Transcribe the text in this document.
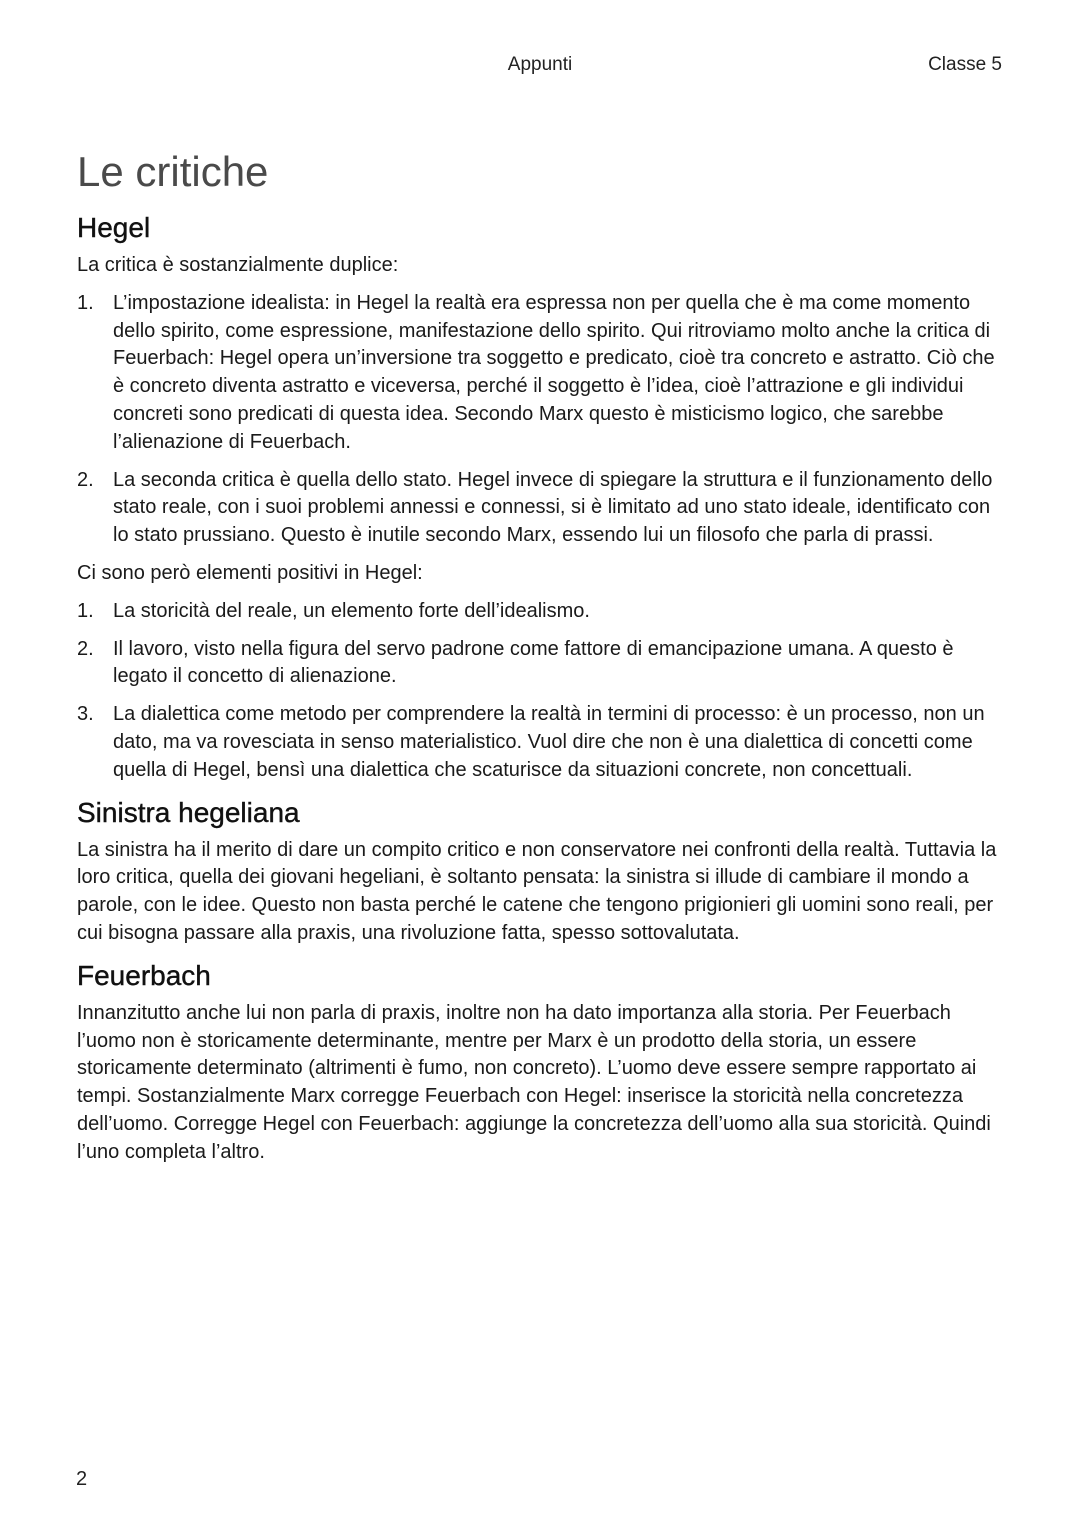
Appunti	Classe 5
Le critiche
Hegel

La critica è sostanzialmente duplice:

1. L’impostazione idealista: in Hegel la realtà era espressa non per quella che è ma come momento dello spirito, come espressione, manifestazione dello spirito. Qui ritroviamo molto anche la critica di Feuerbach: Hegel opera un’inversione tra soggetto e predicato, cioè tra concreto e astratto. Ciò che è concreto diventa astratto e viceversa, perché il soggetto è l’idea, cioè l’attrazione e gli individui concreti sono predicati di questa idea. Secondo Marx questo è misticismo logico, che sarebbe l’alienazione di Feuerbach.
2. La seconda critica è quella dello stato. Hegel invece di spiegare la struttura e il funzionamento dello stato reale, con i suoi problemi annessi e connessi, si è limitato ad uno stato ideale, identificato con lo stato prussiano. Questo è inutile secondo Marx, essendo lui un filosofo che parla di prassi.

Ci sono però elementi positivi in Hegel:

1. La storicità del reale, un elemento forte dell’idealismo.
2. Il lavoro, visto nella figura del servo padrone come fattore di emancipazione umana. A questo è legato il concetto di alienazione.
3. La dialettica come metodo per comprendere la realtà in termini di processo: è un processo, non un dato, ma va rovesciata in senso materialistico. Vuol dire che non è una dialettica di concetti come quella di Hegel, bensì una dialettica che scaturisce da situazioni concrete, non concettuali.
Sinistra hegeliana

La sinistra ha il merito di dare un compito critico e non conservatore nei confronti della realtà. Tuttavia la loro critica, quella dei giovani hegeliani, è soltanto pensata: la sinistra si illude di cambiare il mondo a parole, con le idee. Questo non basta perché le catene che tengono prigionieri gli uomini sono reali, per cui bisogna passare alla praxis, una rivoluzione fatta, spesso sottovalutata.

Feuerbach

Innanzitutto anche lui non parla di praxis, inoltre non ha dato importanza alla storia. Per Feuerbach l’uomo non è storicamente determinante, mentre per Marx è un prodotto della storia, un essere storicamente determinato (altrimenti è fumo, non concreto). L’uomo deve essere sempre rapportato ai tempi. Sostanzialmente Marx corregge Feuerbach con Hegel: inserisce la storicità nella concretezza dell’uomo. Corregge Hegel con Feuerbach: aggiunge la concretezza dell’uomo alla sua storicità. Quindi l’uno completa l’altro.

2
